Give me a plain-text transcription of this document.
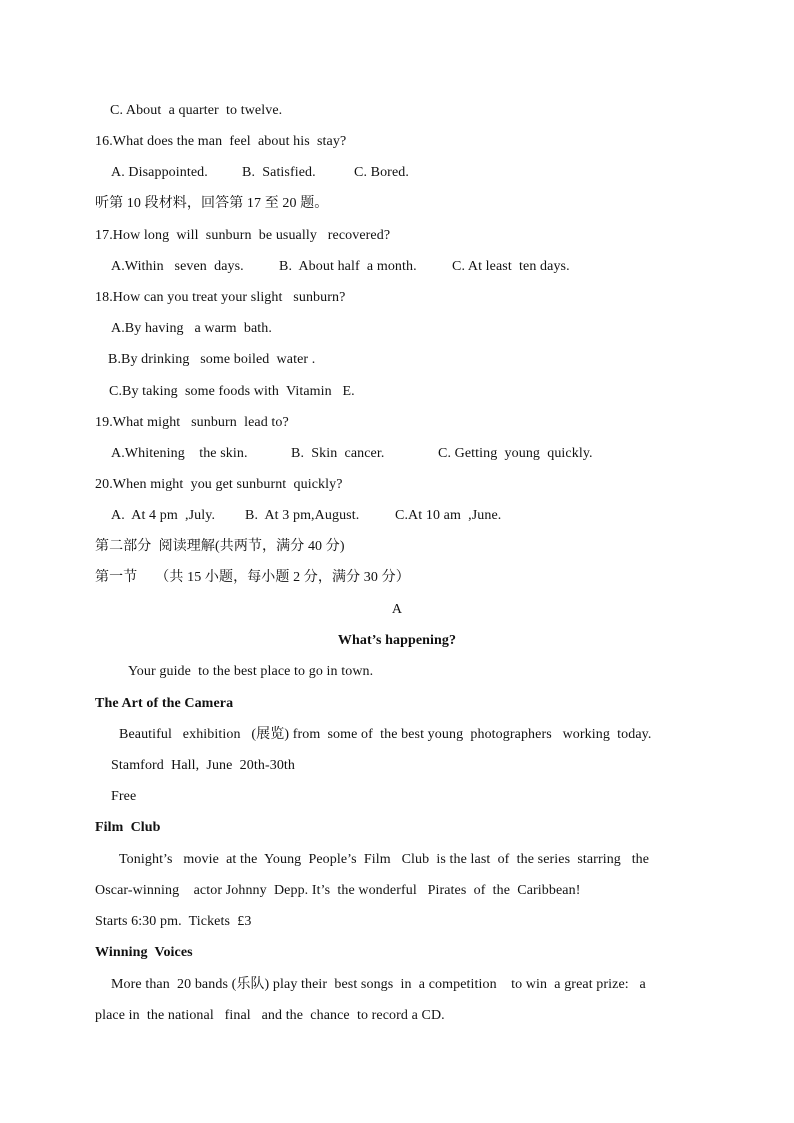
C. About  a quarter  to twelve.
16.What does the man  feel  about his  stay?
A. Disappointed. B.  Satisfied.	C. Bored.
听第 10 段材料，回答第 17 至 20 题。
17.How long  will  sunburn  be usually   recovered?
A.Within   seven  days.	B.  About half  a month.	C. At least  ten days.
18.How can you treat your slight   sunburn?
A.By having   a warm  bath.
B.By drinking   some boiled  water .
C.By taking  some foods with  Vitamin   E.
19.What might   sunburn  lead to?
A.Whitening    the skin.	B.  Skin  cancer.	C. Getting  young  quickly.
20.When might  you get sunburnt  quickly?
A.  At 4 pm  ,July. B.  At 3 pm,August.	C.At 10 am  ,June.
第二部分  阅读理解(共两节，满分 40 分)
第一节     （共 15 小题，每小题 2 分，满分 30 分）
A
What’s happening?
Your guide  to the best place to go in town.
The Art of the Camera
Beautiful   exhibition   (展览) from  some of  the best young  photographers   working  today.
Stamford  Hall,  June  20th-30th
Free
Film  Club
Tonight’s   movie  at the  Young  People’s  Film   Club  is the last  of  the series  starring   the
Oscar-winning    actor Johnny  Depp. It’s  the wonderful   Pirates  of  the  Caribbean!
Starts 6:30 pm.  Tickets  £3
Winning  Voices
More than  20 bands (乐队) play their  best songs  in  a competition    to win  a great prize:   a
place in  the national   final   and the  chance  to record a CD.
